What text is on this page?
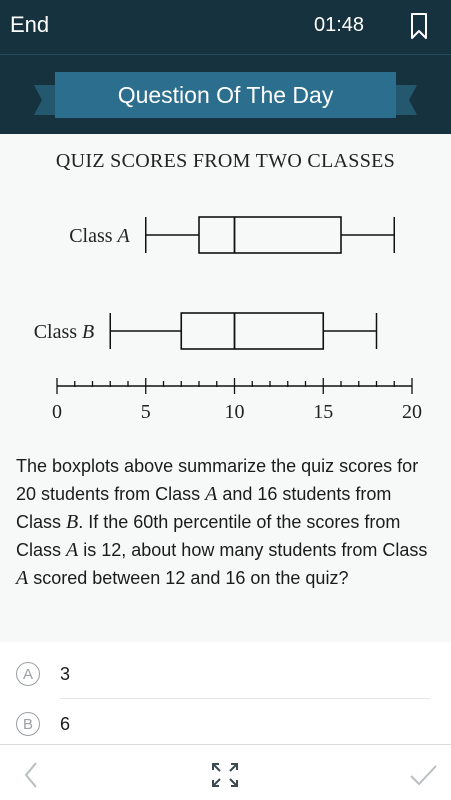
End	01:48
Question Of The Day
QUIZ SCORES FROM TWO CLASSES
Class A
Class B
0	5	10	15	20

The boxplots above summarize the quiz scores for 20 students from Class A and 16 students from Class B. If the 60th percentile of the scores from Class A is 12, about how many students from Class A scored between 12 and 16 on the quiz?

A	3
B	6
